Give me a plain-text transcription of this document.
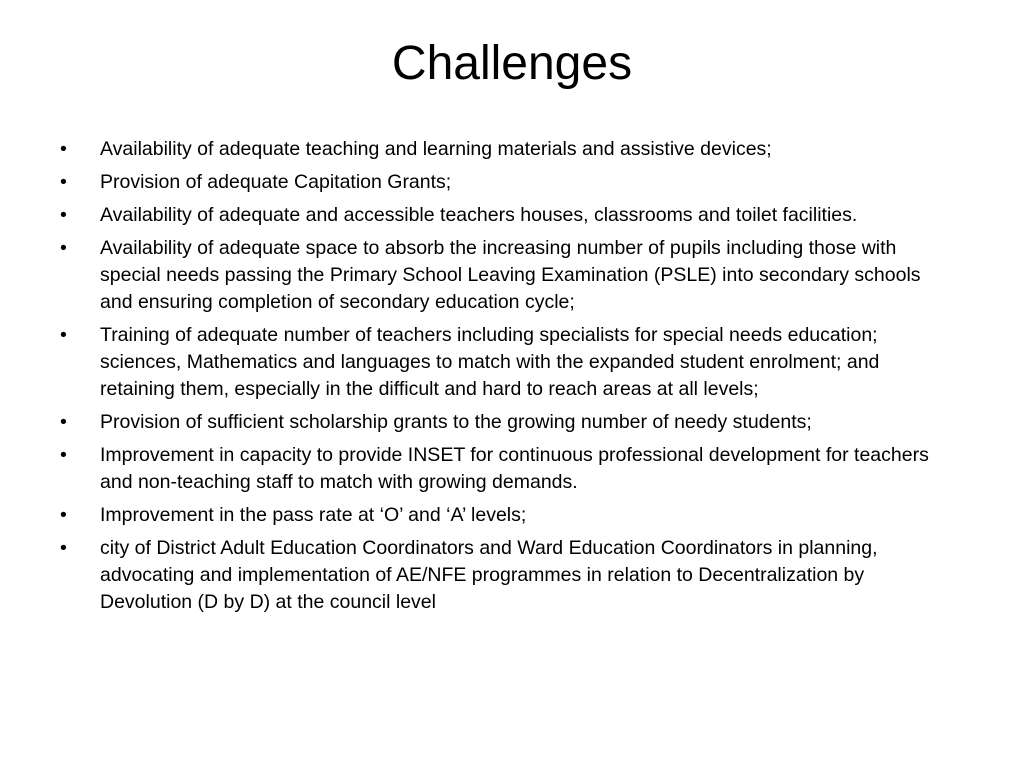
Challenges
•	Availability of adequate teaching and learning materials and assistive devices;
•	Provision of adequate Capitation Grants;
•	Availability of adequate and accessible teachers houses, classrooms and toilet facilities.
•	Availability of adequate space to absorb the increasing number of pupils including those with special needs passing the Primary School Leaving Examination (PSLE) into secondary schools and ensuring completion of secondary education cycle;
•	Training of adequate number of teachers including specialists for special needs education; sciences, Mathematics and languages to match with the expanded student enrolment; and retaining them, especially in the difficult and hard to reach areas at all levels;
•	Provision of sufficient scholarship grants to the growing number of needy students;
•	Improvement in capacity to provide INSET for continuous professional development for teachers and non-teaching staff to match with growing demands.
•	Improvement in the pass rate at ‘O’ and ‘A’ levels;
•	city of District Adult Education Coordinators and Ward Education Coordinators in planning, advocating and implementation of AE/NFE programmes in relation to Decentralization by Devolution (D by D) at the council level
